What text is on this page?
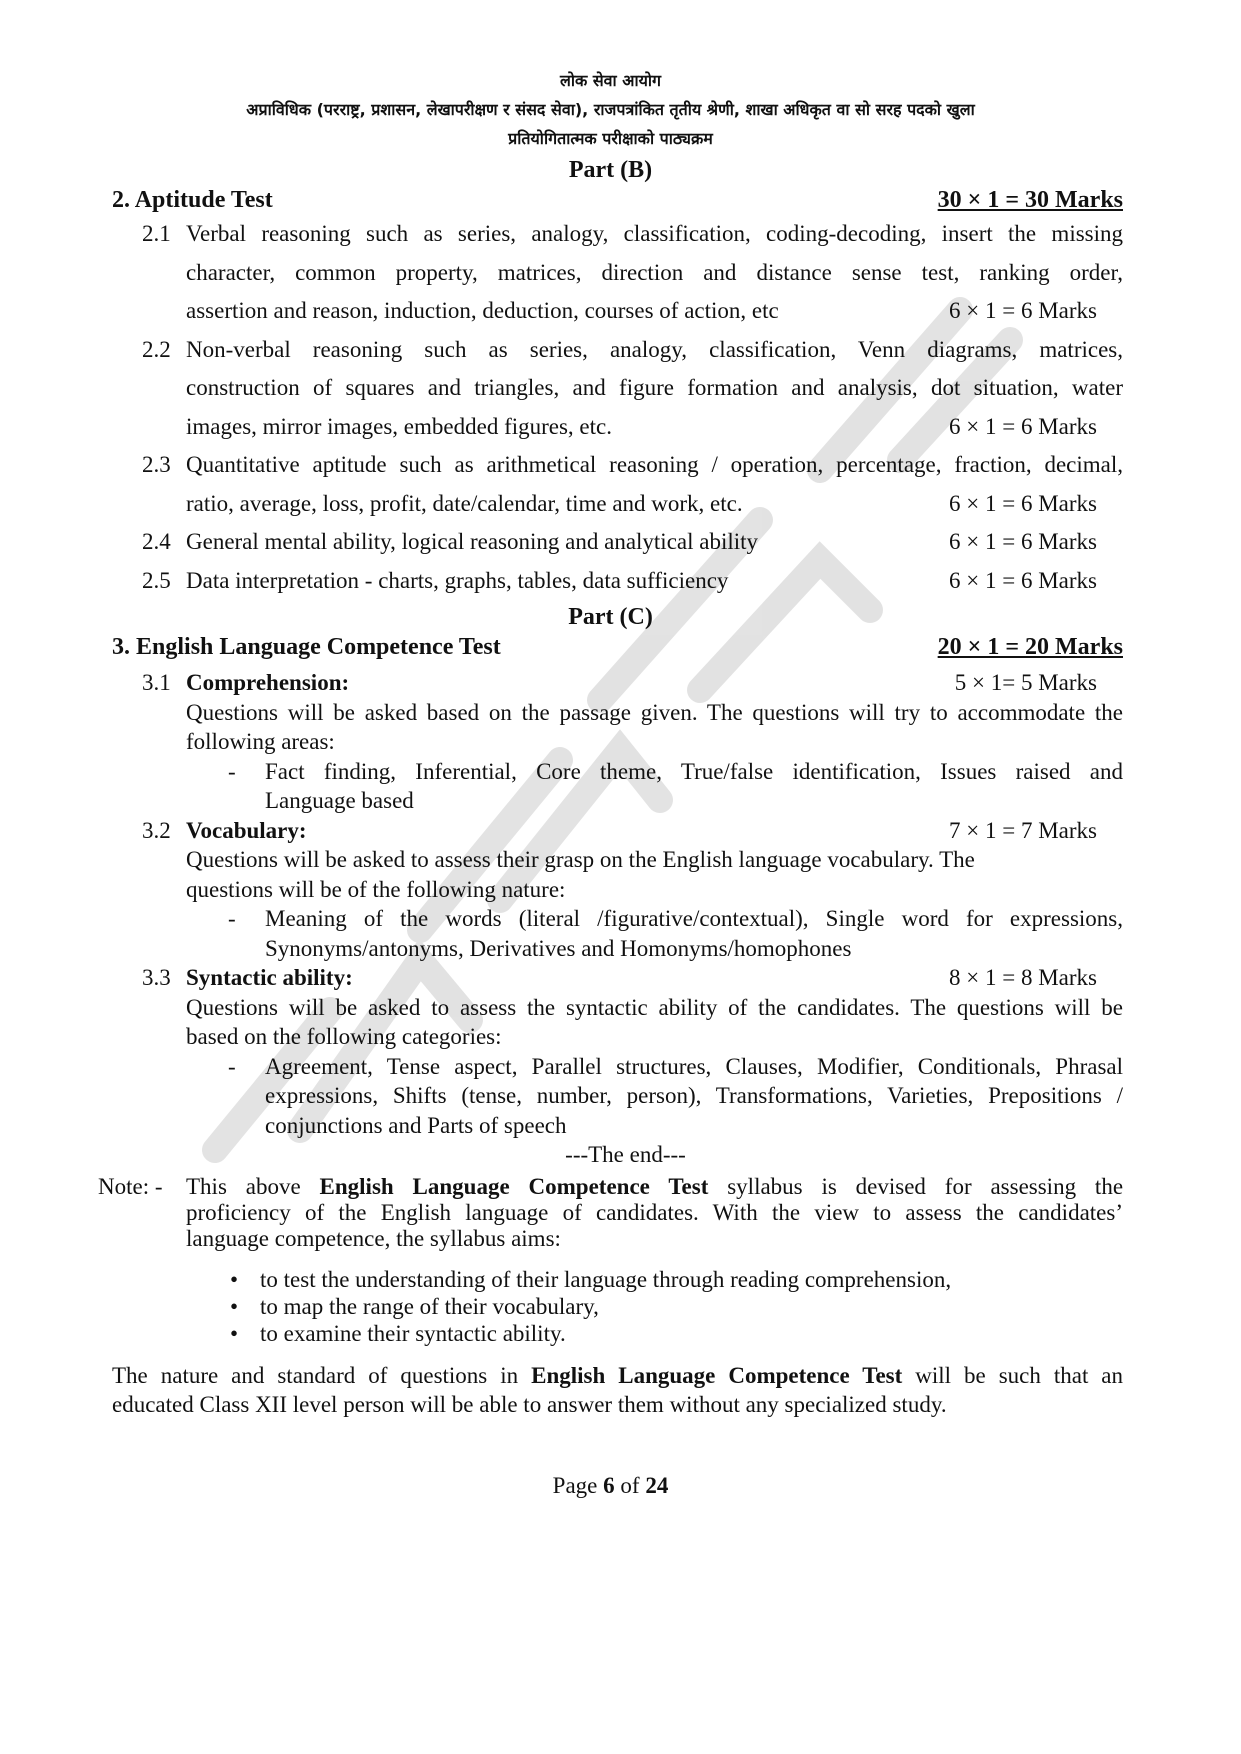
लोक सेवा आयोग
अप्राविधिक (परराष्ट्र, प्रशासन, लेखापरीक्षण र संसद सेवा), राजपत्रांकित तृतीय श्रेणी, शाखा अधिकृत वा सो सरह पदको खुला
प्रतियोगितात्मक परीक्षाको पाठ्यक्रम
Part (B)
2. Aptitude Test	30 × 1 = 30 Marks
2.1 Verbal reasoning such as series, analogy, classification, coding-decoding, insert the missing
character, common property, matrices, direction and distance sense test, ranking order,
assertion and reason, induction, deduction, courses of action, etc	6 × 1 = 6 Marks
2.2 Non-verbal reasoning such as series, analogy, classification, Venn diagrams, matrices,
construction of squares and triangles, and figure formation and analysis, dot situation, water
images, mirror images, embedded figures, etc.	6 × 1 = 6 Marks
2.3 Quantitative aptitude such as arithmetical reasoning / operation, percentage, fraction, decimal,
ratio, average, loss, profit, date/calendar, time and work, etc.	6 × 1 = 6 Marks
2.4 General mental ability, logical reasoning and analytical ability	6 × 1 = 6 Marks
2.5 Data interpretation - charts, graphs, tables, data sufficiency	6 × 1 = 6 Marks
Part (C)
3. English Language Competence Test	20 × 1 = 20 Marks
3.1 Comprehension:	5 × 1= 5 Marks
Questions will be asked based on the passage given. The questions will try to accommodate the
following areas:
-	Fact finding, Inferential, Core theme, True/false identification, Issues raised and
Language based
3.2 Vocabulary:	7 × 1 = 7 Marks
Questions will be asked to assess their grasp on the English language vocabulary. The
questions will be of the following nature:
-	Meaning of the words (literal /figurative/contextual), Single word for expressions,
Synonyms/antonyms, Derivatives and Homonyms/homophones
3.3 Syntactic ability:	8 × 1 = 8 Marks
Questions will be asked to assess the syntactic ability of the candidates. The questions will be
based on the following categories:
-	Agreement, Tense aspect, Parallel structures, Clauses, Modifier, Conditionals, Phrasal
expressions, Shifts (tense, number, person), Transformations, Varieties, Prepositions /
conjunctions and Parts of speech
---The end---
Note: -	This above English Language Competence Test syllabus is devised for assessing the
proficiency of the English language of candidates. With the view to assess the candidates’
language competence, the syllabus aims:
• to test the understanding of their language through reading comprehension,
• to map the range of their vocabulary,
• to examine their syntactic ability.
The nature and standard of questions in English Language Competence Test will be such that an
educated Class XII level person will be able to answer them without any specialized study.
Page 6 of 24
